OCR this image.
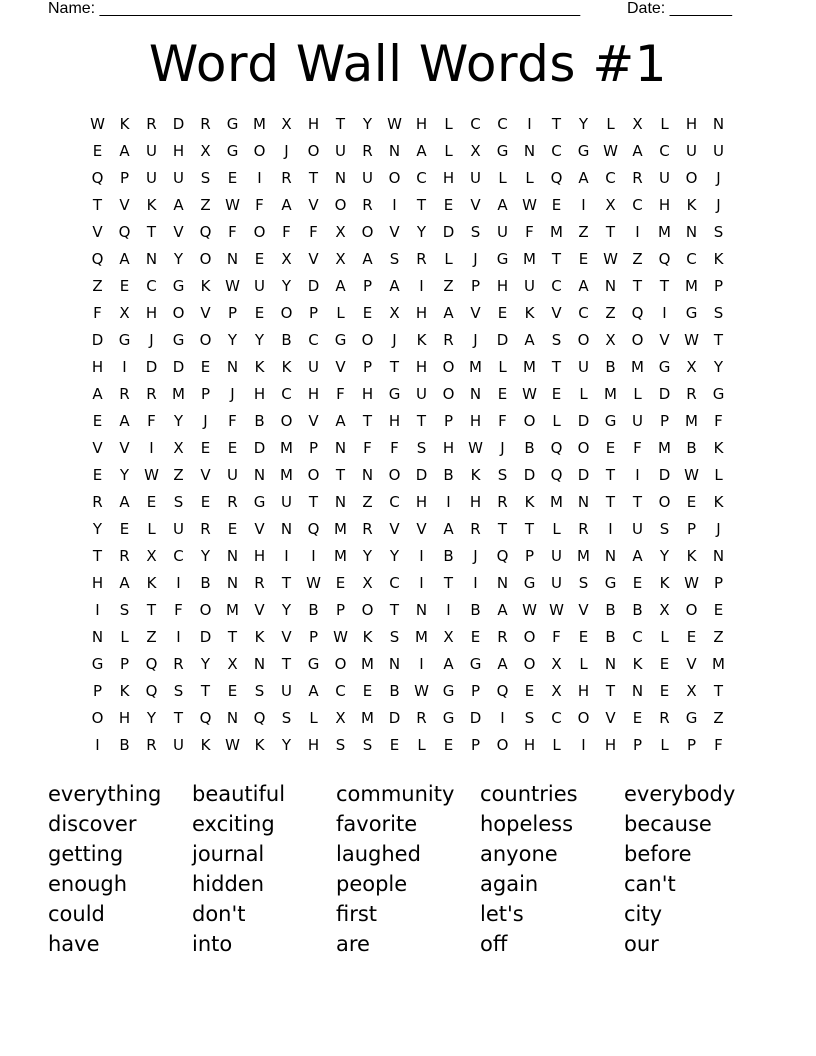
Name: ______________________________________________________	Date: _______
Word Wall Words #1
W K	R	D	R	G M	X	H	T	Y	W H	L	C	C	I	T	Y	L	X	L	H	N
E	A	U	H	X	G	O	J	O	U	R	N	A	L	X	G	N	C	G W A	C	U	U
Q	P	U	U	S	E	I	R	T	N	U	O	C	H	U	L	L	Q	A	C	R	U	O	J
T	V	K	A	Z W	F	A	V	O	R	I	T	E	V	A W E	I	X	C	H	K	J
V	Q	T	V	Q	F	O	F	F	X	O	V	Y	D	S	U	F	M	Z	T	I	M N	S
Q	A	N	Y	O	N	E	X	V	X	A	S	R	L	J	G M	T	E W Z	Q	C	K
Z	E	C	G	K W U	Y	D	A	P	A	I	Z	P	H	U	C	A	N	T	T	M	P
F	X	H	O	V	P	E	O	P	L	E	X	H	A	V	E	K	V	C	Z	Q	I	G	S
D	G	J	G	O	Y	Y	B	C	G	O	J	K	R	J	D	A	S	O	X	O	V W T
H	I	D	D	E	N	K	K	U	V	P	T	H	O M	L	M	T	U	B	M G	X	Y
A	R	R	M	P	J	H	C	H	F	H	G	U	O	N	E W E	L	M	L	D	R	G
E	A	F	Y	J	F	B	O	V	A	T	H	T	P	H	F	O	L	D	G	U	P	M	F
V	V	I	X	E	E	D M	P	N	F	F	S	H W	J	B	Q	O	E	F	M	B	K
E	Y	W Z	V	U	N M O	T	N	O	D	B	K	S	D	Q	D	T	I	D W	L
R	A	E	S	E	R	G	U	T	N	Z	C	H	I	H	R	K	M N	T	T	O	E	K
Y	E	L	U	R	E	V	N	Q M	R	V	V	A	R	T	T	L	R	I	U	S	P	J
T	R	X	C	Y	N	H	I	I	M	Y	Y	I	B	J	Q	P	U	M N	A	Y	K	N
H	A	K	I	B	N	R	T	W E	X	C	I	T	I	N	G	U	S	G	E	K W	P
I	S	T	F	O M	V	Y	B	P	O	T	N	I	B	A W W V	B	B	X	O	E
N	L	Z	I	D	T	K	V	P	W K	S	M	X	E	R	O	F	E	B	C	L	E	Z
G	P	Q	R	Y	X	N	T	G	O M N	I	A	G	A	O	X	L	N	K	E	V	M
P	K	Q	S	T	E	S	U	A	C	E	B W G	P	Q	E	X	H	T	N	E	X	T
O	H	Y	T	Q	N	Q	S	L	X	M D	R	G	D	I	S	C	O	V	E	R	G	Z
I	B	R	U	K W K	Y	H	S	S	E	L	E	P	O	H	L	I	H	P	L	P	F
everything	beautiful	community	countries	everybody
discover	exciting	favorite	hopeless	because
getting	journal	laughed	anyone	before
enough	hidden	people	again	can't
could	don't	first	let's	city
have	into	are	off	our
